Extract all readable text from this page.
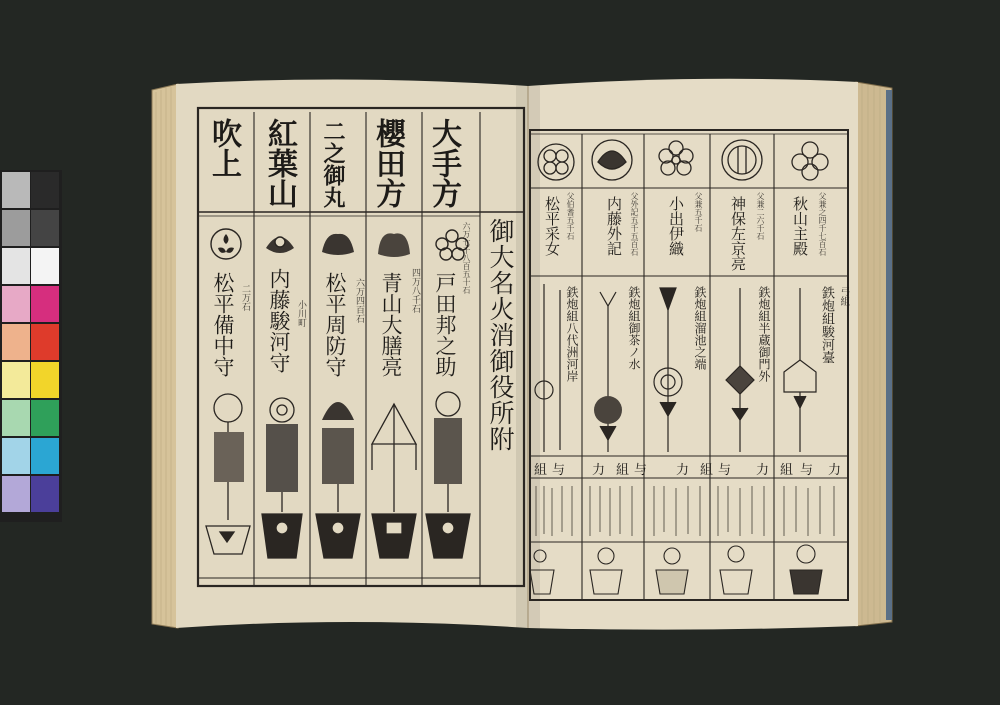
大手方
櫻田方
二之御丸
紅葉山
吹上
戸田邦之助
六万七千八百五十石
青山大膳亮 四万八千石
松平周防守 六万四百石
内藤駿河守 小川町
松平備中守 二万石	御大名火消御役所附	秋山主殿 父兼之四千七百石
神保左京亮 父兼二六千石
小出伊織 父兼五千石
内藤外記 父外記五千五百石
松平采女 父伯耆五千石
鉄炮組駿河臺 弓組
鉄炮組半蔵御門外
鉄炮組溜池之端
鉄炮組御茶ノ水
鉄炮組八代洲河岸
組 与 力 組 与 力 組 与 力 組 与 力
